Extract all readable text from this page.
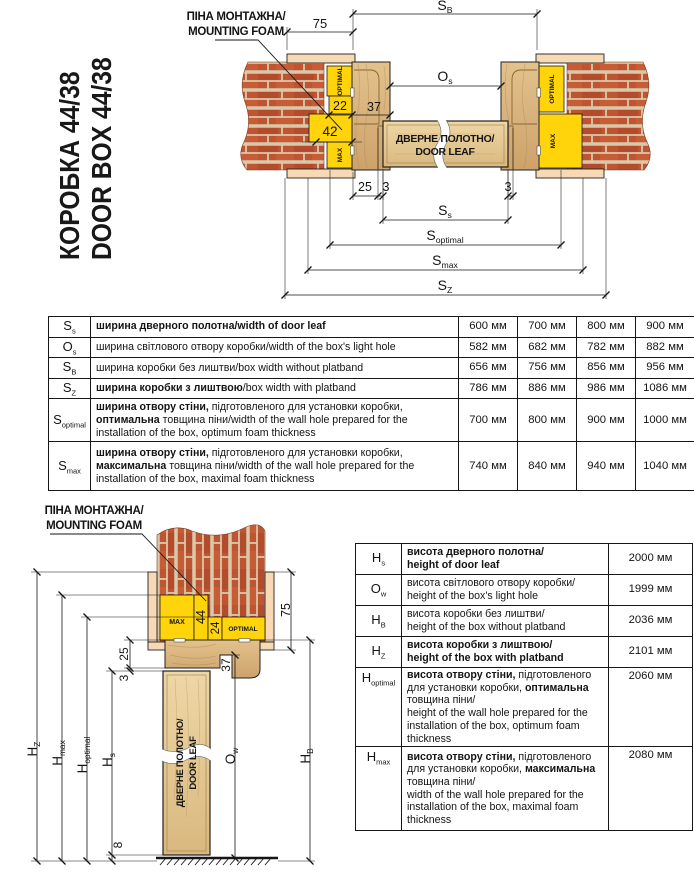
КОРОБКА 44/38 DOOR BOX 44/38	OPTIMAL
22
42
MAX
OPTIMAL
MAX
ДВЕРНЕ ПОЛОТНО/
DOOR LEAF
$S_B$
75
$O_s$
37
25 3	3
$S_s$
$S_{optimal}$
$S_{max}$
$S_Z$
ПІНА МОНТАЖНА/
MOUNTING FOAM
MAX 24 OPTIMAL
37
ДВЕРНЕ ПОЛОТНО/ DOOR LEAF
$H_Z$
$H_{max}$
$H_{optimal}$ $H_s$
25
3
8
75
$O_w$
$H_B$
ПІНА МОНТАЖНА/
MOUNTING FOAM
$S_s$	ширина дверного полотна/width of door leaf	600 мм	700 мм	800 мм	900 мм
$O_s$	ширина світлового отвору коробки/width of the box's light hole	582 мм	682 мм	782 мм	882 мм
$S_B$	ширина коробки без лиштви/box width without platband	656 мм	756 мм	856 мм	956 мм
$S_Z$	ширина коробки з лиштвою/box width with platband	786 мм	886 мм	986 мм	1086 мм
$S_{optimal}$	ширина отвору стіни, підготовленого для установки коробки, оптимальна товщина піни/width of the wall hole prepared for the installation of the box, optimum foam thickness	700 мм	800 мм	900 мм	1000 мм
$S_{max}$	ширина отвору стіни, підготовленого для установки коробки, максимальна товщина піни/width of the wall hole prepared for the installation of the box, maximal foam thickness	740 мм	840 мм	940 мм	1040 мм
$H_s$	висота дверного полотна/
height of door leaf	2000 мм
$O_w$	висота світлового отвору коробки/
height of the box's light hole	1999 мм
$H_B$	висота коробки без лиштви/
height of the box without platband	2036 мм
$H_Z$	висота коробки з лиштвою/
height of the box with platband	2101 мм
$H_{optimal}$	висота отвору стіни, підготовленого для установки коробки, оптимальна товщина піни/
height of the wall hole prepared for the installation of the box, optimum foam thickness	2060 мм
$H_{max}$	висота отвору стіни, підготовленого для установки коробки, максимальна товщина піни/
width of the wall hole prepared for the installation of the box, maximal foam thickness	2080 мм
